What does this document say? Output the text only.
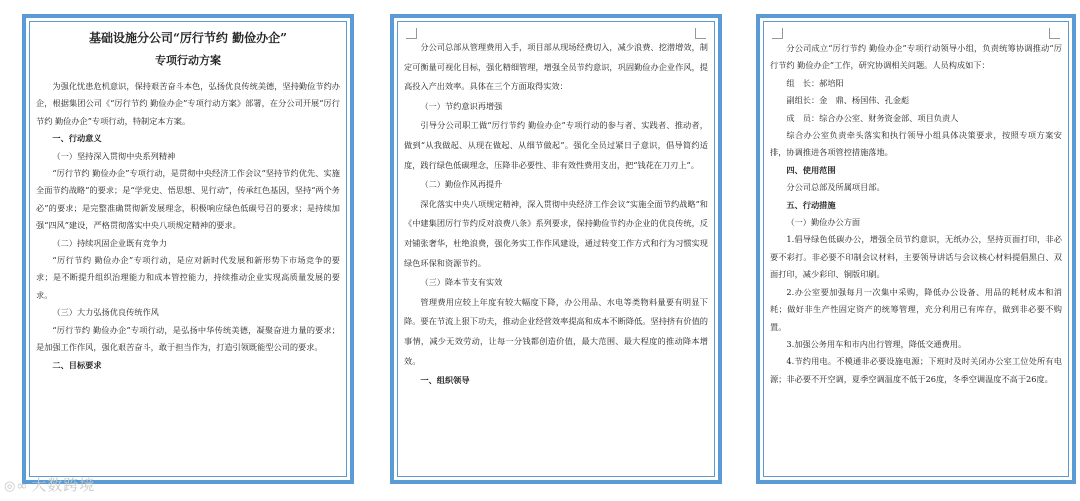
基础设施分公司“厉行节约 勤俭办企”
专项行动方案
为强化忧患危机意识，保持艰苦奋斗本色，弘扬优良传统美德，坚持勤俭节约办企，根据集团公司《“厉行节约 勤俭办企”专项行动方案》部署，在分公司开展“厉行节约 勤俭办企”专项行动，特制定本方案。
一、行动意义
（一）坚持深入贯彻中央系列精神
“厉行节约 勤俭办企”专项行动，是贯彻中央经济工作会议“坚持节约优先、实施全面节约战略”的要求；是“学党史、悟思想、见行动”，传承红色基因，坚持“两个务必”的要求；是完整准确贯彻新发展理念，积极响应绿色低碳号召的要求；是持续加强“四风”建设，严格贯彻落实中央八项规定精神的要求。
（二）持续巩固企业既有竞争力
“厉行节约 勤俭办企”专项行动，是应对新时代发展和新形势下市场竞争的要求；是不断提升组织治理能力和成本管控能力，持续推动企业实现高质量发展的要求。
（三）大力弘扬优良传统作风
“厉行节约 勤俭办企”专项行动，是弘扬中华传统美德，凝聚奋进力量的要求；是加强工作作风，强化艰苦奋斗，敢于担当作为，打造引领既能型公司的要求。
二、目标要求
分公司总部从管理费用入手，项目部从现场经费切入，减少浪费、挖潜增效，制定可衡量可视化目标，强化精细管理，增强全员节约意识，巩固勤俭办企业作风，提高投入产出效率。具体在三个方面取得实效：
（一）节约意识再增强
引导分公司职工做“厉行节约 勤俭办企”专项行动的参与者、实践者、推动者，做到“从我做起、从现在做起、从细节做起”。强化全员过紧日子意识，倡导简约适度，践行绿色低碳理念，压降非必要性、非有效性费用支出，把“钱花在刀刃上”。
（二）勤俭作风再提升
深化落实中央八项规定精神，深入贯彻中央经济工作会议“实施全面节约战略”和《中建集团厉行节约反对浪费八条》系列要求，保持勤俭节约办企业的优良传统，反对铺张奢华，杜绝浪费，强化务实工作作风建设，通过转变工作方式和行为习惯实现绿色环保和资源节约。
（三）降本节支有实效
管理费用应较上年度有较大幅度下降，办公用品、水电等类物料量要有明显下降。要在节流上狠下功夫，推动企业经营效率提高和成本不断降低。坚持挤有价值的事情，减少无效劳动，让每一分钱都创造价值，最大范围、最大程度的推动降本增效。
一、组织领导
分公司成立“厉行节约 勤俭办企”专项行动领导小组，负责统筹协调推动“厉行节约 勤俭办企”工作，研究协调相关问题。人员构成如下：
组　长：郝培阳
副组长：金　鼎、杨国伟、孔金彪
成　员：综合办公室、财务资金部、项目负责人
综合办公室负责牵头落实和执行领导小组具体决策要求，按照专项方案安排，协调推进各项管控措施落地。
四、使用范围
分公司总部及所属项目部。
五、行动措施
（一）勤俭办公方面
1.倡导绿色低碳办公，增强全员节约意识，无纸办公，坚持页面打印，非必要不彩打。非必要不印制会议材料，主要领导讲话与会议核心材料提倡黑白、双面打印，减少彩印、铜版印刷。
2.办公室要加强每月一次集中采购，降低办公设备、用品的耗材成本和消耗；做好非生产性固定资产的统筹管理，充分利用已有库存，做到非必要不购置。
3.加强公务用车和市内出行管理，降低交通费用。
4.节约用电。不模通非必要设施电源；下班时及时关闭办公室工位处所有电源；非必要不开空调，夏季空调温度不低于26度，冬季空调温度不高于26度。
◎∞ 大数跨境
